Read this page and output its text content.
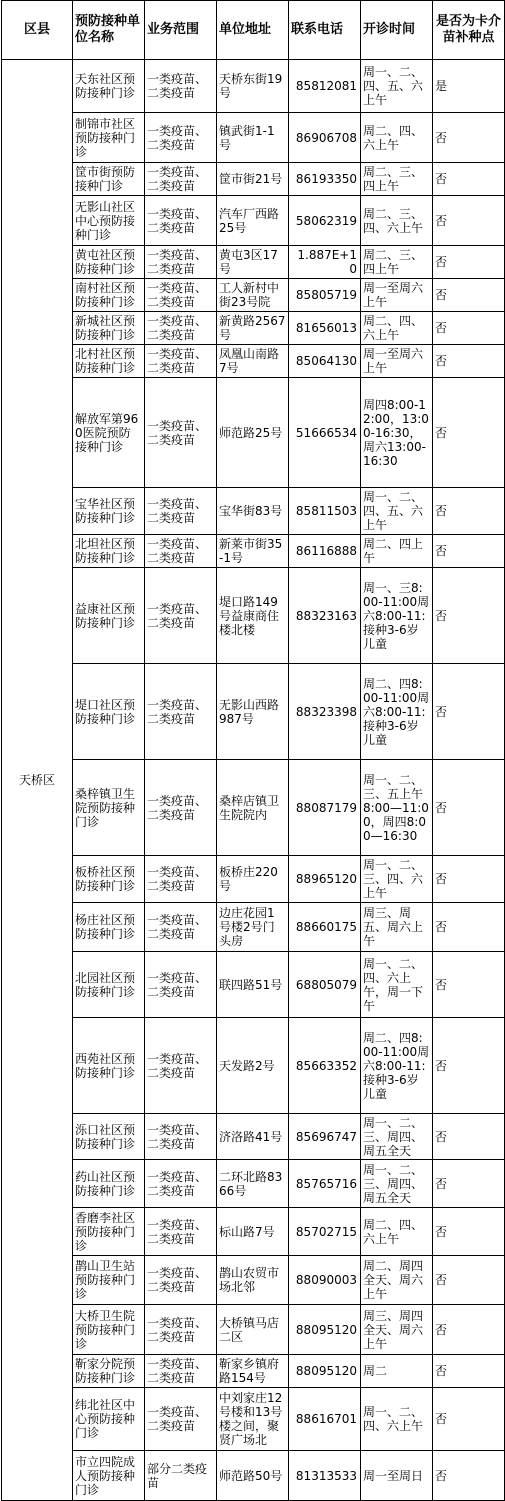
区县	预防接种单位名称	业务范围	单位地址	联系电话	开诊时间	是否为卡介苗补种点
天桥区	天东社区预防接种门诊	一类疫苗、二类疫苗	天桥东街19号	85812081	周一、二、四、五、六上午	是
	制锦市社区预防接种门诊	一类疫苗、二类疫苗	镇武街1-1号	86906708	周二、四、六上午	否
	筐市街预防接种门诊	一类疫苗、二类疫苗	筐市街21号	86193350	周二、三、四上午	否
	无影山社区中心预防接种门诊	一类疫苗、二类疫苗	汽车厂西路25号	58062319	周二、三、四、六上午	否
	黄屯社区预防接种门诊	一类疫苗、二类疫苗	黄屯3区17号	1.887E+10	周二、三、四上午	否
	南村社区预防接种门诊	一类疫苗、二类疫苗	工人新村中街23号院	85805719	周一至周六上午	否
	新城社区预防接种门诊	一类疫苗、二类疫苗	新黄路2567号	81656013	周二、四、六上午	否
	北村社区预防接种门诊	一类疫苗、二类疫苗	凤凰山南路7号	85064130	周一至周六上午	否
	解放军第960医院预防接种门诊	一类疫苗、二类疫苗	师范路25号	51666534	周四8:00-12:00，13:00-16:30，周六13:00-16:30	否
	宝华社区预防接种门诊	一类疫苗、二类疫苗	宝华街83号	85811503	周一、二、四、五、六上午	否
	北坦社区预防接种门诊	一类疫苗、二类疫苗	新莱市街35-1号	86116888	周二、四上午	否
	益康社区预防接种门诊	一类疫苗、二类疫苗	堤口路149号益康商住楼北楼	88323163	周一、三8:00-11:00周六8:00-11:接种3-6岁儿童	否
	堤口社区预防接种门诊	一类疫苗、二类疫苗	无影山西路987号	88323398	周二、四8:00-11:00周六8:00-11:接种3-6岁儿童	否
	桑梓镇卫生院预防接种门诊	一类疫苗、二类疫苗	桑梓店镇卫生院院内	88087179	周一、二、三、五上午8:00—11:00，周四8:00—16:30	否
	板桥社区预防接种门诊	一类疫苗、二类疫苗	板桥庄220号	88965120	周一、二、三、四、六上午	否
	杨庄社区预防接种门诊	一类疫苗、二类疫苗	边庄花园1号楼2号门头房	88660175	周三、周五、周六上午	否
	北园社区预防接种门诊	一类疫苗、二类疫苗	联四路51号	68805079	周一、二、四、六上午，周一下午	否
	西苑社区预防接种门诊	一类疫苗、二类疫苗	天发路2号	85663352	周二、四8:00-11:00周六8:00-11:接种3-6岁儿童	否
	泺口社区预防接种门诊	一类疫苗、二类疫苗	济洛路41号	85696747	周一、二、三、周四、周五全天	否
	药山社区预防接种门诊	一类疫苗、二类疫苗	二环北路8366号	85765716	周一、二、三、周四、周五全天	否
	香磨李社区预防接种门诊	一类疫苗、二类疫苗	标山路7号	85702715	周二、四、六上午	否
	鹊山卫生站预防接种门诊	一类疫苗、二类疫苗	鹊山农贸市场北邻	88090003	周二、周四全天、周六上午	否
	大桥卫生院预防接种门诊	一类疫苗、二类疫苗	大桥镇马店二区	88095120	周三、周四全天、周六上午	否
	靳家分院预防接种门诊	一类疫苗、二类疫苗	靳家乡镇府路154号	88095120	周二	否
	纬北社区中心预防接种门诊	一类疫苗、二类疫苗	中刘家庄12号楼和13号楼之间，聚贤广场北	88616701	周一、二、四、六上午	否
	市立四院成人预防接种门诊	部分二类疫苗	师范路50号	81313533	周一至周日	否
